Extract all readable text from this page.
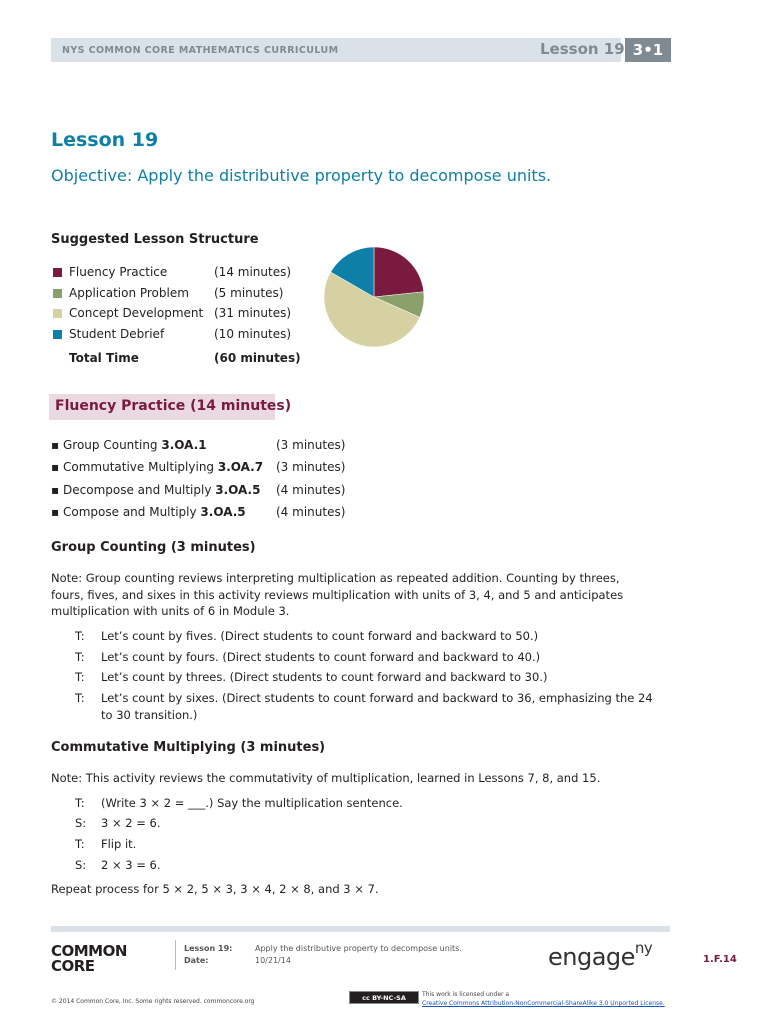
NYS COMMON CORE MATHEMATICS CURRICULUM	Lesson 19 3•1
Lesson 19
Objective: Apply the distributive property to decompose units.
Suggested Lesson Structure
Fluency Practice	(14 minutes)
Application Problem (5 minutes)
Concept Development (31 minutes)
Student Debrief	(10 minutes)
Total Time	(60 minutes)
Fluency Practice (14 minutes)
▪ Group Counting 3.OA.1	(3 minutes)
▪ Commutative Multiplying 3.OA.7 (3 minutes)
▪ Decompose and Multiply 3.OA.5 (4 minutes)
▪ Compose and Multiply 3.OA.5	(4 minutes)
Group Counting (3 minutes)
Note: Group counting reviews interpreting multiplication as repeated addition. Counting by threes, fours, fives, and sixes in this activity reviews multiplication with units of 3, 4, and 5 and anticipates multiplication with units of 6 in Module 3.
T: Let’s count by fives. (Direct students to count forward and backward to 50.)
T: Let’s count by fours. (Direct students to count forward and backward to 40.)
T: Let’s count by threes. (Direct students to count forward and backward to 30.)
T: Let’s count by sixes. (Direct students to count forward and backward to 36, emphasizing the 24 to 30 transition.)
Commutative Multiplying (3 minutes)
Note: This activity reviews the commutativity of multiplication, learned in Lessons 7, 8, and 15.
T: (Write 3 × 2 = ___.) Say the multiplication sentence.
S: 3 × 2 = 6.
T: Flip it.
S: 2 × 3 = 6.
Repeat process for 5 × 2, 5 × 3, 3 × 4, 2 × 8, and 3 × 7.
COMMON
CORE
Lesson 19:	Apply the distributive property to decompose units.
Date:	10/21/14	engage$^{ny}$
1.F.14
© 2014 Common Core, Inc. Some rights reserved. commoncore.org	cc BY-NC-SA	This work is licensed under a
Creative Commons Attribution-NonCommercial-ShareAlike 3.0 Unported License.
